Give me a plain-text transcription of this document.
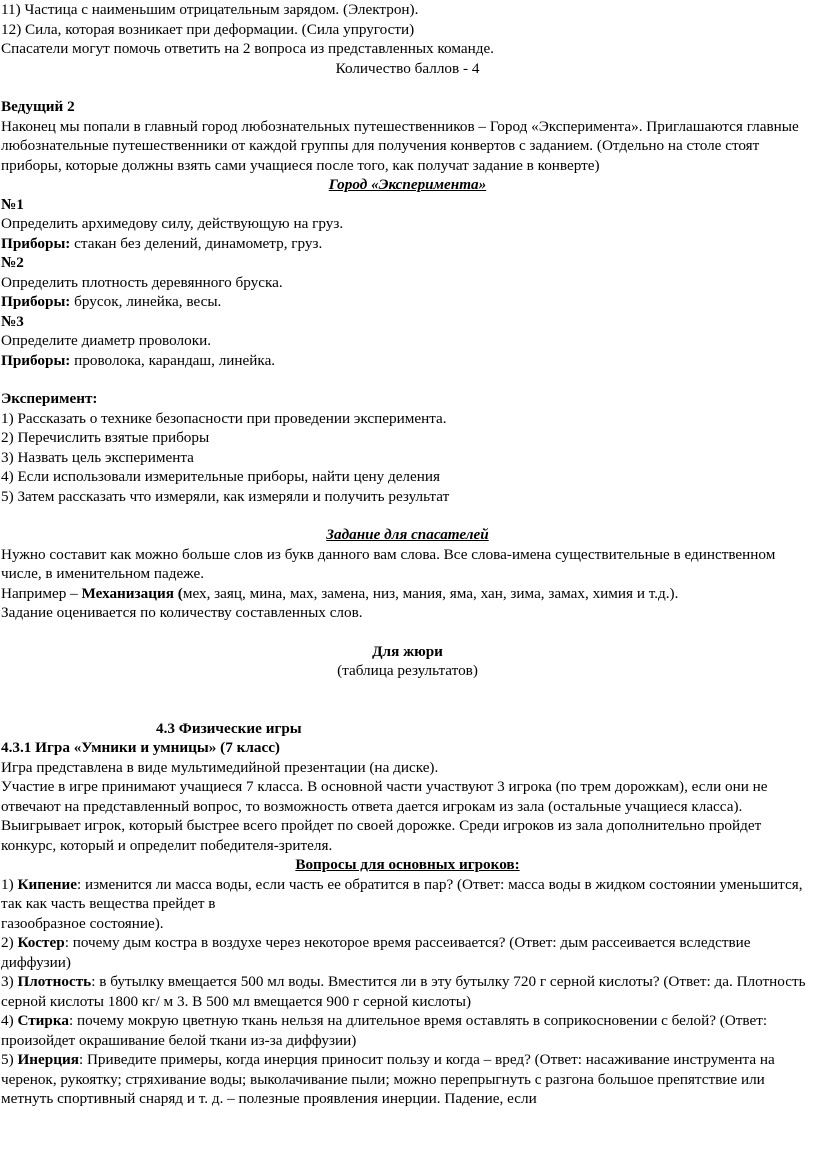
11) Частица с наименьшим отрицательным зарядом. (Электрон).

12) Сила, которая возникает при деформации. (Сила упругости)

Спасатели могут помочь ответить на 2 вопроса из представленных команде.

Количество баллов - 4

Ведущий 2

Наконец мы попали в главный город любознательных путешественников – Город «Эксперимента». Приглашаются главные любознательные путешественники от каждой группы для получения конвертов с заданием. (Отдельно на столе стоят приборы, которые должны взять сами учащиеся после того, как получат задание в конверте)

Город «Эксперимента»

№1

Определить архимедову силу, действующую на груз.

Приборы: стакан без делений, динамометр, груз.

№2

Определить плотность деревянного бруска.

Приборы: брусок, линейка, весы.

№3

Определите диаметр проволоки.

Приборы: проволока, карандаш, линейка.

Эксперимент:

1) Рассказать о технике безопасности при проведении эксперимента.

2) Перечислить взятые приборы

3) Назвать цель эксперимента

4) Если использовали измерительные приборы, найти цену деления

5) Затем рассказать что измеряли, как измеряли и получить результат

Задание для спасателей

Нужно составит как можно больше слов из букв данного вам слова. Все слова-имена существительные в единственном числе, в именительном падеже.

Например – Механизация (мех, заяц, мина, мах, замена, низ, мания, яма, хан, зима, замах, химия и т.д.).

Задание оценивается по количеству составленных слов.

Для жюри

(таблица результатов)

4.3 Физические игры

4.3.1 Игра «Умники и умницы» (7 класс)

Игра представлена в виде мультимедийной презентации (на диске).

Участие в игре принимают учащиеся 7 класса. В основной части участвуют 3 игрока (по трем дорожкам), если они не отвечают на представленный вопрос, то возможность ответа дается игрокам из зала (остальные учащиеся класса). Выигрывает игрок, который быстрее всего пройдет по своей дорожке. Среди игроков из зала дополнительно пройдет конкурс, который и определит победителя-зрителя.

Вопросы для основных игроков:

1) Кипение: изменится ли масса воды, если часть ее обратится в пар? (Ответ: масса воды в жидком состоянии уменьшится, так как часть вещества прейдет в

газообразное состояние).

2) Костер: почему дым костра в воздухе через некоторое время рассеивается? (Ответ: дым рассеивается вследствие диффузии)

3) Плотность: в бутылку вмещается 500 мл воды. Вместится ли в эту бутылку 720 г серной кислоты? (Ответ: да. Плотность серной кислоты 1800 кг/ м 3. В 500 мл вмещается 900 г серной кислоты)

4) Стирка: почему мокрую цветную ткань нельзя на длительное время оставлять в соприкосновении с белой? (Ответ: произойдет окрашивание белой ткани из-за диффузии)

5) Инерция: Приведите примеры, когда инерция приносит пользу и когда – вред? (Ответ: насаживание инструмента на черенок, рукоятку; стряхивание воды; выколачивание пыли; можно перепрыгнуть с разгона большое препятствие или метнуть спортивный снаряд и т. д. – полезные проявления инерции. Падение, если
